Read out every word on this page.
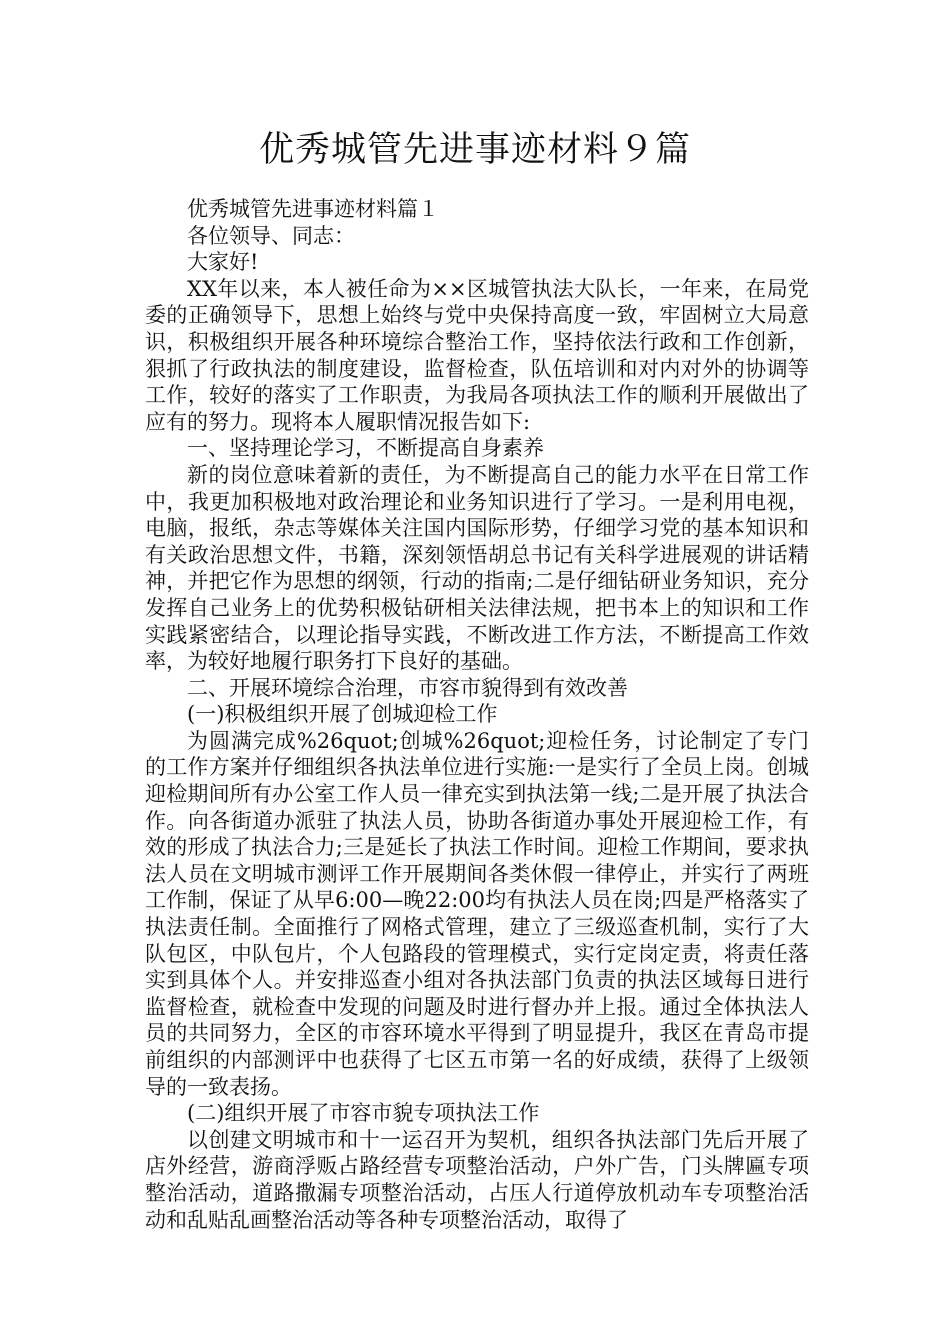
优秀城管先进事迹材料９篇

优秀城管先进事迹材料篇１

各位领导、同志：

大家好!

XX年以来，本人被任命为××区城管执法大队长，一年来，在局党委的正确领导下，思想上始终与党中央保持高度一致，牢固树立大局意识，积极组织开展各种环境综合整治工作，坚持依法行政和工作创新，狠抓了行政执法的制度建设，监督检查，队伍培训和对内对外的协调等工作，较好的落实了工作职责，为我局各项执法工作的顺利开展做出了应有的努力。现将本人履职情况报告如下:

一、坚持理论学习，不断提高自身素养

新的岗位意味着新的责任，为不断提高自己的能力水平在日常工作中，我更加积极地对政治理论和业务知识进行了学习。一是利用电视，电脑，报纸，杂志等媒体关注国内国际形势，仔细学习党的基本知识和有关政治思想文件，书籍，深刻领悟胡总书记有关科学进展观的讲话精神，并把它作为思想的纲领，行动的指南;二是仔细钻研业务知识，充分发挥自己业务上的优势积极钻研相关法律法规，把书本上的知识和工作实践紧密结合，以理论指导实践，不断改进工作方法，不断提高工作效率，为较好地履行职务打下良好的基础。

二、开展环境综合治理，市容市貌得到有效改善

(一)积极组织开展了创城迎检工作

为圆满完成%26quot;创城%26quot;迎检任务，讨论制定了专门的工作方案并仔细组织各执法单位进行实施:一是实行了全员上岗。创城迎检期间所有办公室工作人员一律充实到执法第一线;二是开展了执法合作。向各街道办派驻了执法人员，协助各街道办事处开展迎检工作，有效的形成了执法合力;三是延长了执法工作时间。迎检工作期间，要求执法人员在文明城市测评工作开展期间各类休假一律停止，并实行了两班工作制，保证了从早6:00—晚22:00均有执法人员在岗;四是严格落实了执法责任制。全面推行了网格式管理，建立了三级巡查机制，实行了大队包区，中队包片，个人包路段的管理模式，实行定岗定责，将责任落实到具体个人。并安排巡查小组对各执法部门负责的执法区域每日进行监督检查，就检查中发现的问题及时进行督办并上报。通过全体执法人员的共同努力，全区的市容环境水平得到了明显提升，我区在青岛市提前组织的内部测评中也获得了七区五市第一名的好成绩，获得了上级领导的一致表扬。

(二)组织开展了市容市貌专项执法工作

以创建文明城市和十一运召开为契机，组织各执法部门先后开展了店外经营，游商浮贩占路经营专项整治活动，户外广告，门头牌匾专项整治活动，道路撒漏专项整治活动，占压人行道停放机动车专项整治活动和乱贴乱画整治活动等各种专项整治活动，取得了
